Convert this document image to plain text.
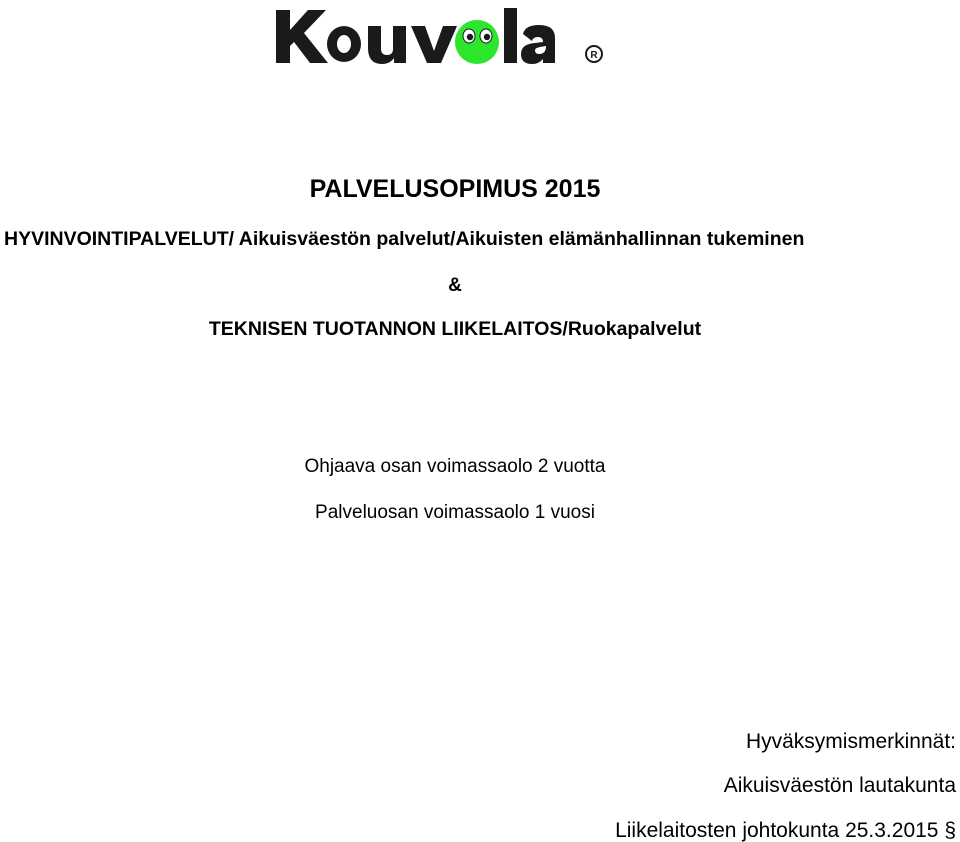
R
PALVELUSOPIMUS 2015
HYVINVOINTIPALVELUT/ Aikuisväestön palvelut/Aikuisten elämänhallinnan tukeminen
&
TEKNISEN TUOTANNON LIIKELAITOS/Ruokapalvelut
Ohjaava osan voimassaolo 2 vuotta
Palveluosan voimassaolo 1 vuosi
Hyväksymismerkinnät:
Aikuisväestön lautakunta
Liikelaitosten johtokunta 25.3.2015 §
